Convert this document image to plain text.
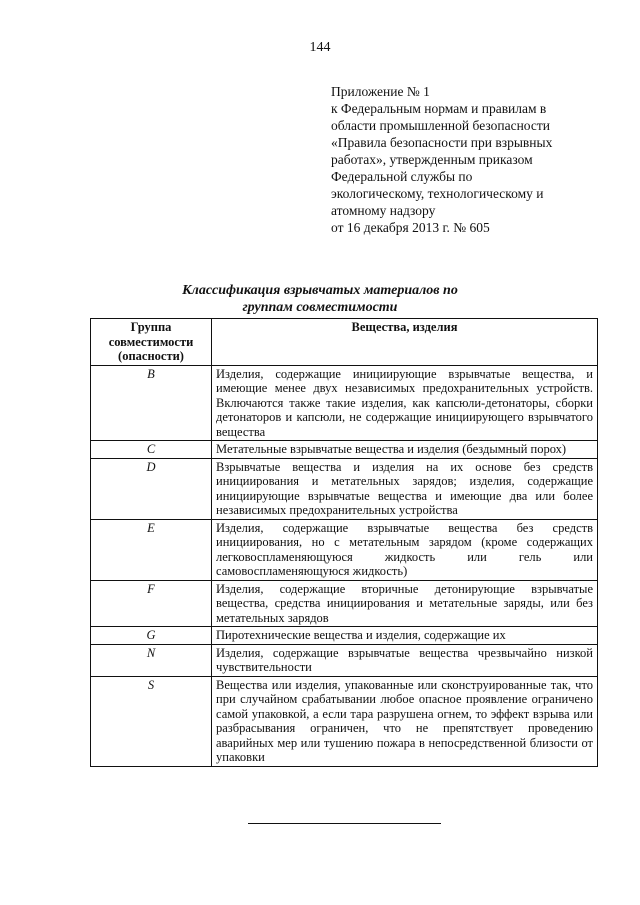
144
Приложение № 1
к Федеральным нормам и правилам в
области промышленной безопасности
«Правила безопасности при взрывных
работах», утвержденным приказом
Федеральной службы по
экологическому, технологическому и
атомному надзору
от 16 декабря 2013 г. № 605
Классификация взрывчатых материалов по
группам совместимости
Группа совместимости (опасности)	Вещества, изделия
B	Изделия, содержащие инициирующие взрывчатые вещества, и имеющие менее двух независимых предохранительных устройств. Включаются также такие изделия, как капсюли-детонаторы, сборки детонаторов и капсюли, не содержащие инициирующего взрывчатого вещества
C	Метательные взрывчатые вещества и изделия (бездымный порох)
D	Взрывчатые вещества и изделия на их основе без средств инициирования и метательных зарядов; изделия, содержащие инициирующие взрывчатые вещества и имеющие два или более независимых предохранительных устройства
E	Изделия, содержащие взрывчатые вещества без средств инициирования, но с метательным зарядом (кроме содержащих легковоспламеняющуюся жидкость или гель или самовоспламеняющуюся жидкость)
F	Изделия, содержащие вторичные детонирующие взрывчатые вещества, средства инициирования и метательные заряды, или без метательных зарядов
G	Пиротехнические вещества и изделия, содержащие их
N	Изделия, содержащие взрывчатые вещества чрезвычайно низкой чувствительности
S	Вещества или изделия, упакованные или сконструированные так, что при случайном срабатывании любое опасное проявление ограничено самой упаковкой, а если тара разрушена огнем, то эффект взрыва или разбрасывания ограничен, что не препятствует проведению аварийных мер или тушению пожара в непосредственной близости от упаковки
